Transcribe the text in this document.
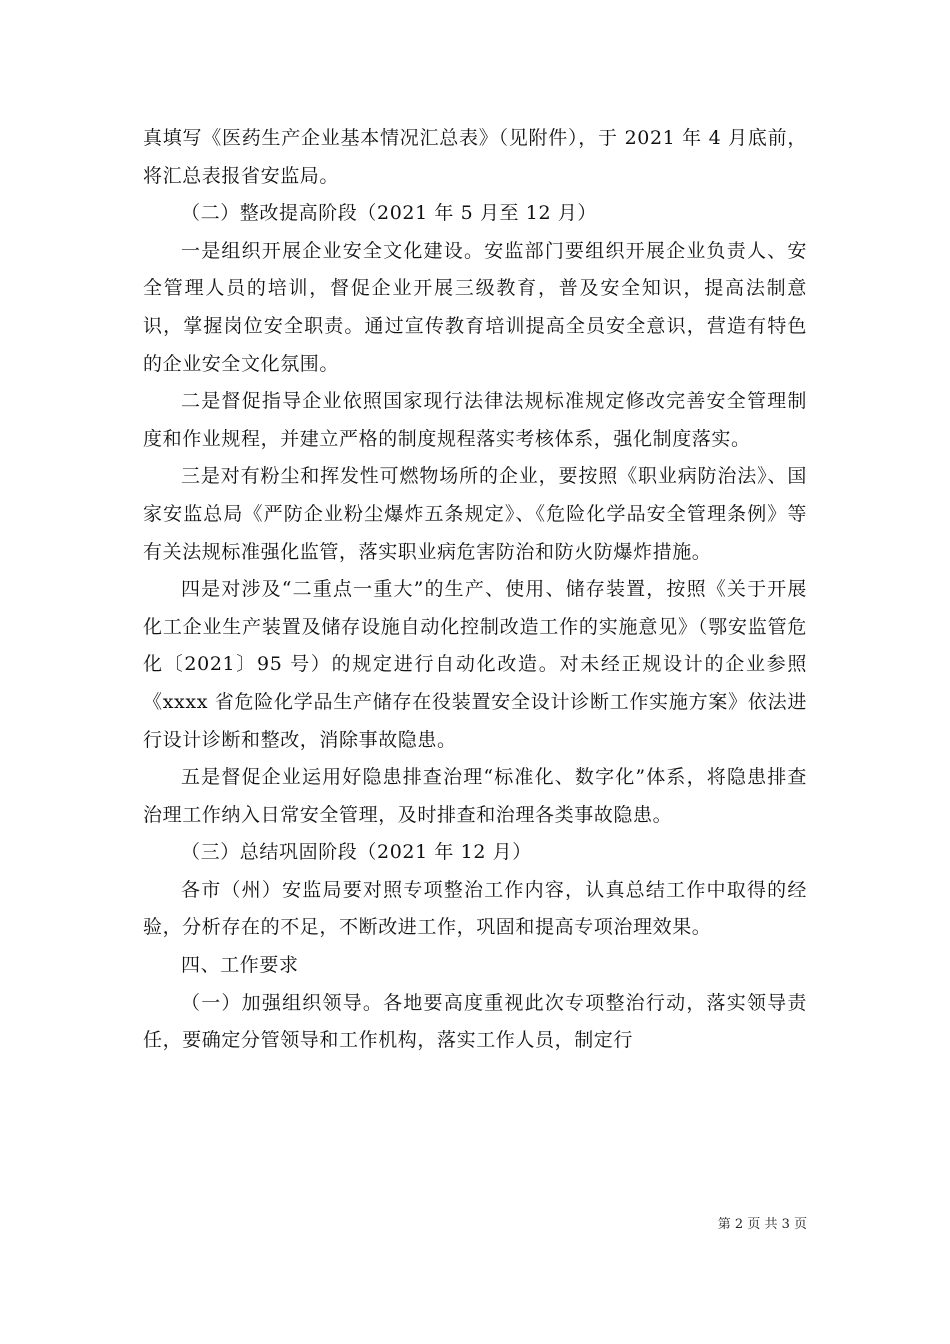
真填写《医药生产企业基本情况汇总表》（见附件），于 2021 年 4 月底前，将汇总表报省安监局。

（二）整改提高阶段（2021 年 5 月至 12 月）

一是组织开展企业安全文化建设。安监部门要组织开展企业负责人、安全管理人员的培训，督促企业开展三级教育，普及安全知识，提高法制意识，掌握岗位安全职责。通过宣传教育培训提高全员安全意识，营造有特色的企业安全文化氛围。

二是督促指导企业依照国家现行法律法规标准规定修改完善安全管理制度和作业规程，并建立严格的制度规程落实考核体系，强化制度落实。

三是对有粉尘和挥发性可燃物场所的企业，要按照《职业病防治法》、国家安监总局《严防企业粉尘爆炸五条规定》、《危险化学品安全管理条例》等有关法规标准强化监管，落实职业病危害防治和防火防爆炸措施。

四是对涉及“二重点一重大”的生产、使用、储存装置，按照《关于开展化工企业生产装置及储存设施自动化控制改造工作的实施意见》（鄂安监管危化〔2021〕95 号）的规定进行自动化改造。对未经正规设计的企业参照《xxxx 省危险化学品生产储存在役装置安全设计诊断工作实施方案》依法进行设计诊断和整改，消除事故隐患。

五是督促企业运用好隐患排查治理“标准化、数字化”体系，将隐患排查治理工作纳入日常安全管理，及时排查和治理各类事故隐患。

（三）总结巩固阶段（2021 年 12 月）

各市（州）安监局要对照专项整治工作内容，认真总结工作中取得的经验，分析存在的不足，不断改进工作，巩固和提高专项治理效果。

四、工作要求

（一）加强组织领导。各地要高度重视此次专项整治行动，落实领导责任，要确定分管领导和工作机构，落实工作人员，制定行

第 2 页 共 3 页
